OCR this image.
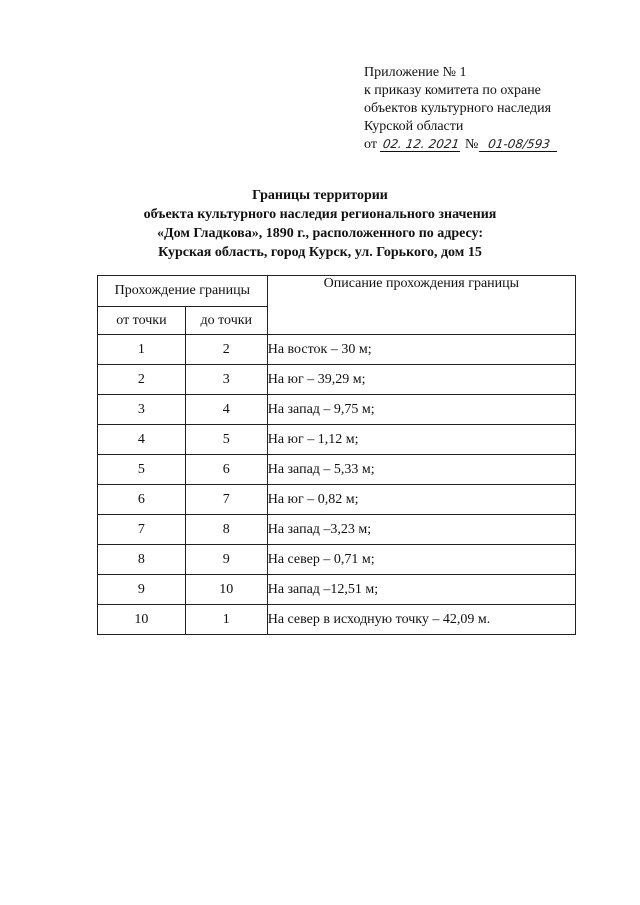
Приложение № 1
к приказу комитета по охране
объектов культурного наследия
Курской области
от 02. 12. 2021 № 01-08/593
Границы территории
объекта культурного наследия регионального значения
«Дом Гладкова», 1890 г., расположенного по адресу:
Курская область, город Курск, ул. Горького, дом 15
Прохождение границы		Описание прохождения границы
от точки	до точки	
1	2	На восток – 30 м;
2	3	На юг – 39,29 м;
3	4	На запад – 9,75 м;
4	5	На юг – 1,12 м;
5	6	На запад – 5,33 м;
6	7	На юг – 0,82 м;
7	8	На запад –3,23 м;
8	9	На север – 0,71 м;
9	10	На запад –12,51 м;
10	1	На север в исходную точку – 42,09 м.
